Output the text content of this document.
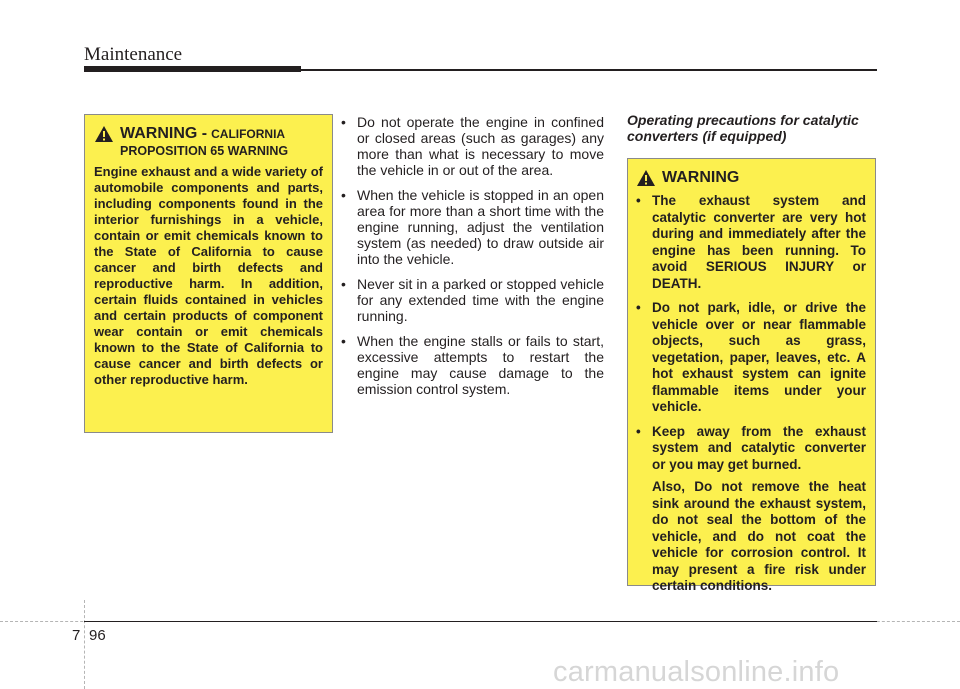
Maintenance
WARNING - CALIFORNIA
PROPOSITION 65 WARNING
Engine exhaust and a wide variety of automobile components and parts, including components found in the interior furnishings in a vehicle, contain or emit chemicals known to the State of California to cause cancer and birth defects and reproductive harm. In addition, certain fluids contained in vehicles and certain products of component wear contain or emit chemicals known to the State of California to cause cancer and birth defects or other reproductive harm.
• Do not operate the engine in confined or closed areas (such as garages) any more than what is necessary to move the vehicle in or out of the area.
• When the vehicle is stopped in an open area for more than a short time with the engine running, adjust the ventilation system (as needed) to draw outside air into the vehicle.
• Never sit in a parked or stopped vehicle for any extended time with the engine running.
• When the engine stalls or fails to start, excessive attempts to restart the engine may cause damage to the emission control system.
Operating precautions for catalytic converters (if equipped)
WARNING
• The exhaust system and catalytic converter are very hot during and immediately after the engine has been running. To avoid SERIOUS INJURY or DEATH.
• Do not park, idle, or drive the vehicle over or near flammable objects, such as grass, vegetation, paper, leaves, etc. A hot exhaust system can ignite flammable items under your vehicle.
• Keep away from the exhaust system and catalytic converter or you may get burned.
Also, Do not remove the heat sink around the exhaust system, do not seal the bottom of the vehicle, and do not coat the vehicle for corrosion control. It may present a fire risk under certain conditions.
7 96
carmanualsonline.info
